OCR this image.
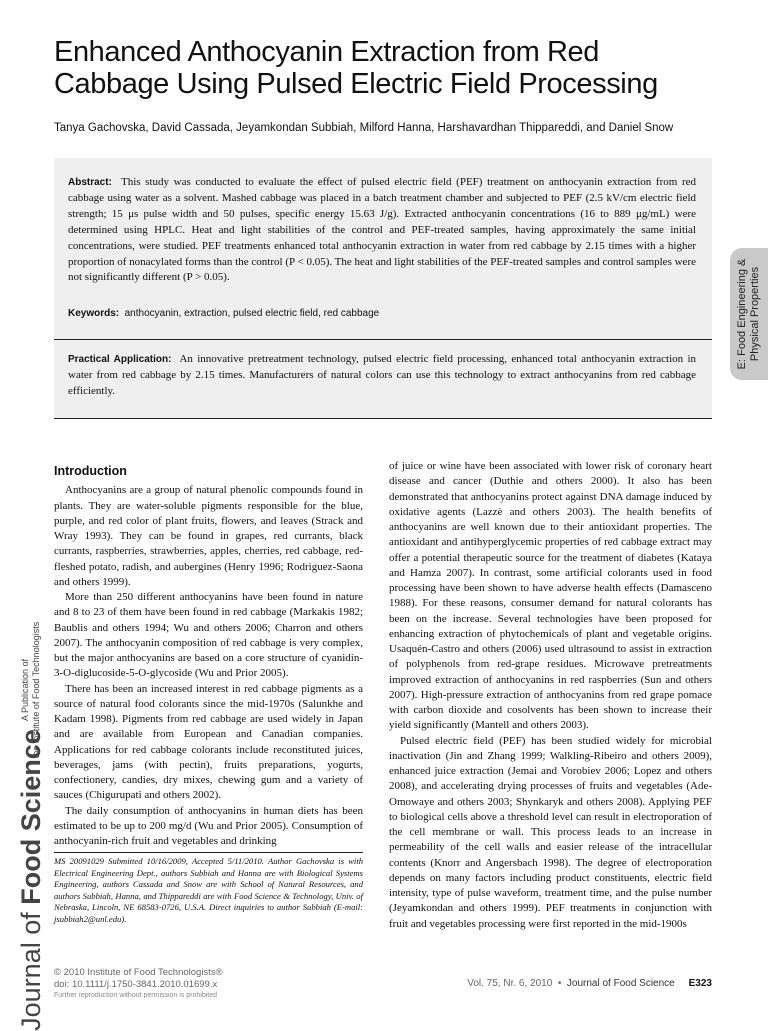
Enhanced Anthocyanin Extraction from Red Cabbage Using Pulsed Electric Field Processing
Tanya Gachovska, David Cassada, Jeyamkondan Subbiah, Milford Hanna, Harshavardhan Thippareddi, and Daniel Snow
Abstract: This study was conducted to evaluate the effect of pulsed electric field (PEF) treatment on anthocyanin extraction from red cabbage using water as a solvent. Mashed cabbage was placed in a batch treatment chamber and subjected to PEF (2.5 kV/cm electric field strength; 15 μs pulse width and 50 pulses, specific energy 15.63 J/g). Extracted anthocyanin concentrations (16 to 889 μg/mL) were determined using HPLC. Heat and light stabilities of the control and PEF-treated samples, having approximately the same initial concentrations, were studied. PEF treatments enhanced total anthocyanin extraction in water from red cabbage by 2.15 times with a higher proportion of nonacylated forms than the control (P < 0.05). The heat and light stabilities of the PEF-treated samples and control samples were not significantly different (P > 0.05).
Keywords: anthocyanin, extraction, pulsed electric field, red cabbage
Practical Application: An innovative pretreatment technology, pulsed electric field processing, enhanced total anthocyanin extraction in water from red cabbage by 2.15 times. Manufacturers of natural colors can use this technology to extract anthocyanins from red cabbage efficiently.
E: Food Engineering & Physical Properties
Journal of Food Science
A Publication of the Institute of Food Technologists
Introduction

Anthocyanins are a group of natural phenolic compounds found in plants. They are water-soluble pigments responsible for the blue, purple, and red color of plant fruits, flowers, and leaves (Strack and Wray 1993). They can be found in grapes, red currants, black currants, raspberries, strawberries, apples, cherries, red cabbage, red-fleshed potato, radish, and aubergines (Henry 1996; Rodriguez-Saona and others 1999).

More than 250 different anthocyanins have been found in nature and 8 to 23 of them have been found in red cabbage (Markakis 1982; Baublis and others 1994; Wu and others 2006; Charron and others 2007). The anthocyanin composition of red cabbage is very complex, but the major anthocyanins are based on a core structure of cyanidin-3-O-diglucoside-5-O-glycoside (Wu and Prior 2005).

There has been an increased interest in red cabbage pigments as a source of natural food colorants since the mid-1970s (Salunkhe and Kadam 1998). Pigments from red cabbage are used widely in Japan and are available from European and Canadian companies. Applications for red cabbage colorants include reconstituted juices, beverages, jams (with pectin), fruits preparations, yogurts, confectionery, candies, dry mixes, chewing gum and a variety of sauces (Chigurupati and others 2002).

The daily consumption of anthocyanins in human diets has been estimated to be up to 200 mg/d (Wu and Prior 2005). Consumption of anthocyanin-rich fruit and vegetables and drinking

of juice or wine have been associated with lower risk of coronary heart disease and cancer (Duthie and others 2000). It also has been demonstrated that anthocyanins protect against DNA damage induced by oxidative agents (Lazzè and others 2003). The health benefits of anthocyanins are well known due to their antioxidant properties. The antioxidant and antihyperglycemic properties of red cabbage extract may offer a potential therapeutic source for the treatment of diabetes (Kataya and Hamza 2007). In contrast, some artificial colorants used in food processing have been shown to have adverse health effects (Damasceno 1988). For these reasons, consumer demand for natural colorants has been on the increase. Several technologies have been proposed for enhancing extraction of phytochemicals of plant and vegetable origins. Usaquén-Castro and others (2006) used ultrasound to assist in extraction of polyphenols from red-grape residues. Microwave pretreatments improved extraction of anthocyanins in red raspberries (Sun and others 2007). High-pressure extraction of anthocyanins from red grape pomace with carbon dioxide and cosolvents has been shown to increase their yield significantly (Mantell and others 2003).

Pulsed electric field (PEF) has been studied widely for microbial inactivation (Jin and Zhang 1999; Walkling-Ribeiro and others 2009), enhanced juice extraction (Jemai and Vorobiev 2006; Lopez and others 2008), and accelerating drying processes of fruits and vegetables (Ade-Omowaye and others 2003; Shynkaryk and others 2008). Applying PEF to biological cells above a threshold level can result in electroporation of the cell membrane or wall. This process leads to an increase in permeability of the cell walls and easier release of the intracellular contents (Knorr and Angersbach 1998). The degree of electroporation depends on many factors including product constituents, electric field intensity, type of pulse waveform, treatment time, and the pulse number (Jeyamkondan and others 1999). PEF treatments in conjunction with fruit and vegetables processing were first reported in the mid-1900s

MS 20091029 Submitted 10/16/2009, Accepted 5/11/2010. Author Gachovska is with Electrical Engineering Dept., authors Subbiah and Hanna are with Biological Systems Engineering, authors Cassada and Snow are with School of Natural Resources, and authors Subbiah, Hanna, and Thippareddi are with Food Science & Technology, Univ. of Nebraska, Lincoln, NE 68583-0726, U.S.A. Direct inquiries to author Subbiah (E-mail: jsubbiah2@unl.edu).

© 2010 Institute of Food Technologists®
doi: 10.1111/j.1750-3841.2010.01699.x
Further reproduction without permission is prohibited
Vol. 75, Nr. 6, 2010  •  Journal of Food Science E323
